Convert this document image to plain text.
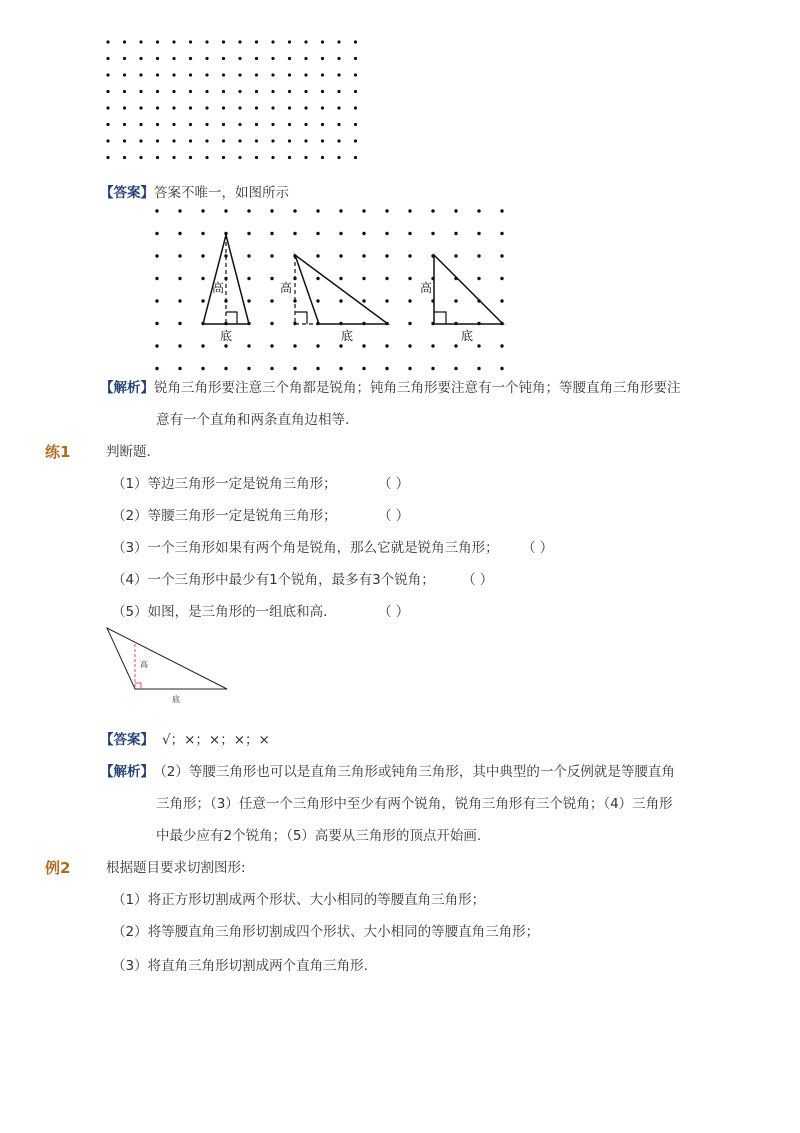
【答案】答案不唯一，如图所示
高
底
高
底
高
底
【解析】锐角三角形要注意三个角都是锐角；钝角三角形要注意有一个钝角；等腰直角三角形要注
意有一个直角和两条直角边相等.
练1	判断题.
（1）等边三角形一定是锐角三角形；	（ ）
（2）等腰三角形一定是锐角三角形；	（ ）
（3）一个三角形如果有两个角是锐角，那么它就是锐角三角形； （ ）
（4）一个三角形中最少有1个锐角，最多有3个锐角； （ ）
（5）如图，是三角形的一组底和高.	（ ）
高
底
【答案】 √；×；×；×；×
【解析】 （2）等腰三角形也可以是直角三角形或钝角三角形，其中典型的一个反例就是等腰直角
三角形；（3）任意一个三角形中至少有两个锐角，锐角三角形有三个锐角；（4）三角形
中最少应有2个锐角；（5）高要从三角形的顶点开始画.
例2	根据题目要求切割图形:
（1）将正方形切割成两个形状、大小相同的等腰直角三角形；
（2）将等腰直角三角形切割成四个形状、大小相同的等腰直角三角形；
（3）将直角三角形切割成两个直角三角形.
